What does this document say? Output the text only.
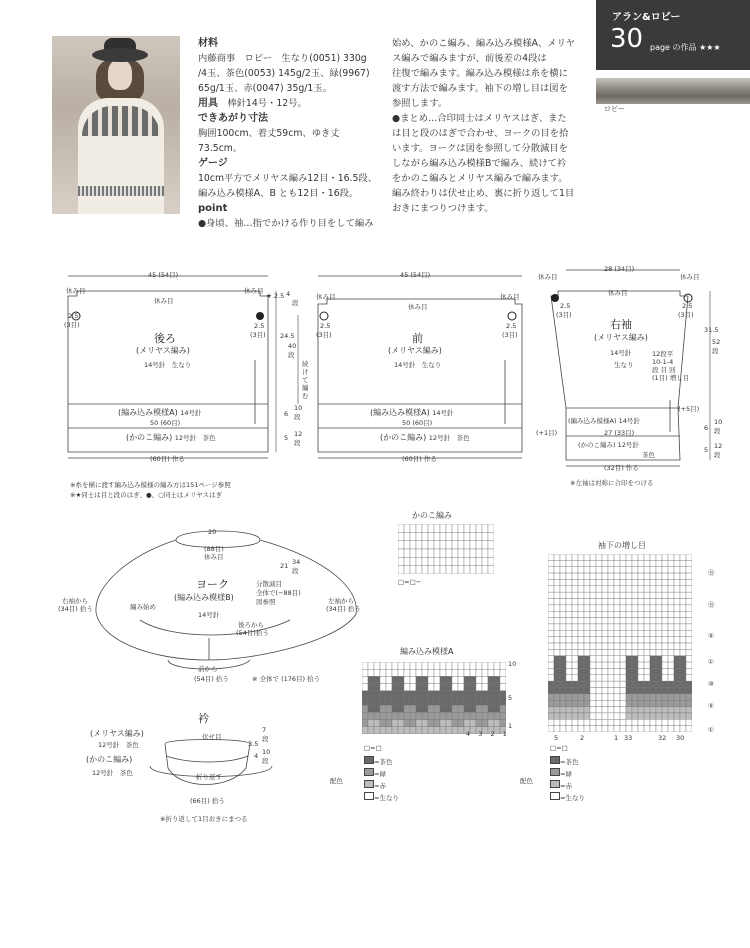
アラン&ロビー
30 page の作品 ★★★
ロビー
材料
内藤商事　ロビー　生なり(0051) 330g
/4玉、茶色(0053) 145g/2玉、緑(9967)
65g/1玉、赤(0047) 35g/1玉。
用具　 棒針14号・12号。
できあがり寸法
胸囲100cm、着丈59cm、ゆき丈73.5cm。
ゲージ
10cm平方でメリヤス編み12目・16.5段、
編み込み模様A、B とも12目・16段。
point
●身頃、袖…指でかける作り目をして編み
始め、かのこ編み、編み込み模様A、メリヤ
ス編みで編みますが、前後差の4段は
往復で編みます。編み込み模様は糸を横に
渡す方法で編みます。袖下の増し目は図を
参照します。
●まとめ…合印同士はメリヤスはぎ、また
は目と段のはぎで合わせ、ヨークの目を拾
います。ヨークは図を参照して分散減目を
しながら編み込み模様Bで編み、続けて衿
をかのこ編みとメリヤス編みで編みます。
編み終わりは伏せ止め、裏に折り返して1目
おきにまつりつけます。
45 (54目)
休み目	休み目
休み目
2.5
(3目)	2.5
(3目)
★ 2.5
後ろ
(メリヤス編み)
14号針　生なり
(編み込み模様A) 14号針
50 (60目)
(かのこ編み) 12号針　茶色
(60目) 作る
4
段
24.5
40
段
続けて編む
6
10
段
5 12
段
45 (54目)
休み目	休み目
休み目
2.5
(3目)
2.5
(3目)
前
(メリヤス編み)
14号針　生なり
(編み込み模様A) 14号針
50 (60目)
(かのこ編み) 12号針　茶色
(60目) 作る
28 (34目)
休み目	休み目
休み目
2.5
(3目)
2.5
(3目)
右袖
(メリヤス編み)
14号針
生なり
12段平
10-1-4
段 目 回
(1目) 増し目
(編み込み模様A) 14号針
27 (33目)
(かのこ編み) 12号針
茶色
(32目) 作る
(+1目)
(+5目)
31.5
52
段
6
10
段
5 12
段
※糸を横に渡す編み込み模様の編み方は151ページ参照
※★同士は目と段のはぎ、●、○同士はメリヤスはぎ
※左袖は対称に合印をつける
20
(88目)
休み目
21 34
段
ヨーク
(編み込み模様B)
14号針
編み始め
分散減目
全体で(−88目)
図参照
後ろから
(54目)拾う
右袖から
(34目) 拾う
左袖から
(34目) 拾う
前から
(54目) 拾う	※ 全体で (176目) 拾う
衿
(メリヤス編み)
12号針　茶色
(かのこ編み)
12号針　茶色
伏せ目
折り返す
(66目) 拾う
7
段
3.5
4 10
段
※折り返して1目おきにまつる
かのこ編み
□=□−
編み込み模様A
10
5
1
4 3 2 1
□=□
配色
=茶色
=緑
=赤
=生なり
袖下の増し目
⑮
⑮
⑤
①
⑩
⑤
①
5	2	1 33	32 30
□=□
配色
=茶色
=緑
=赤
=生なり
